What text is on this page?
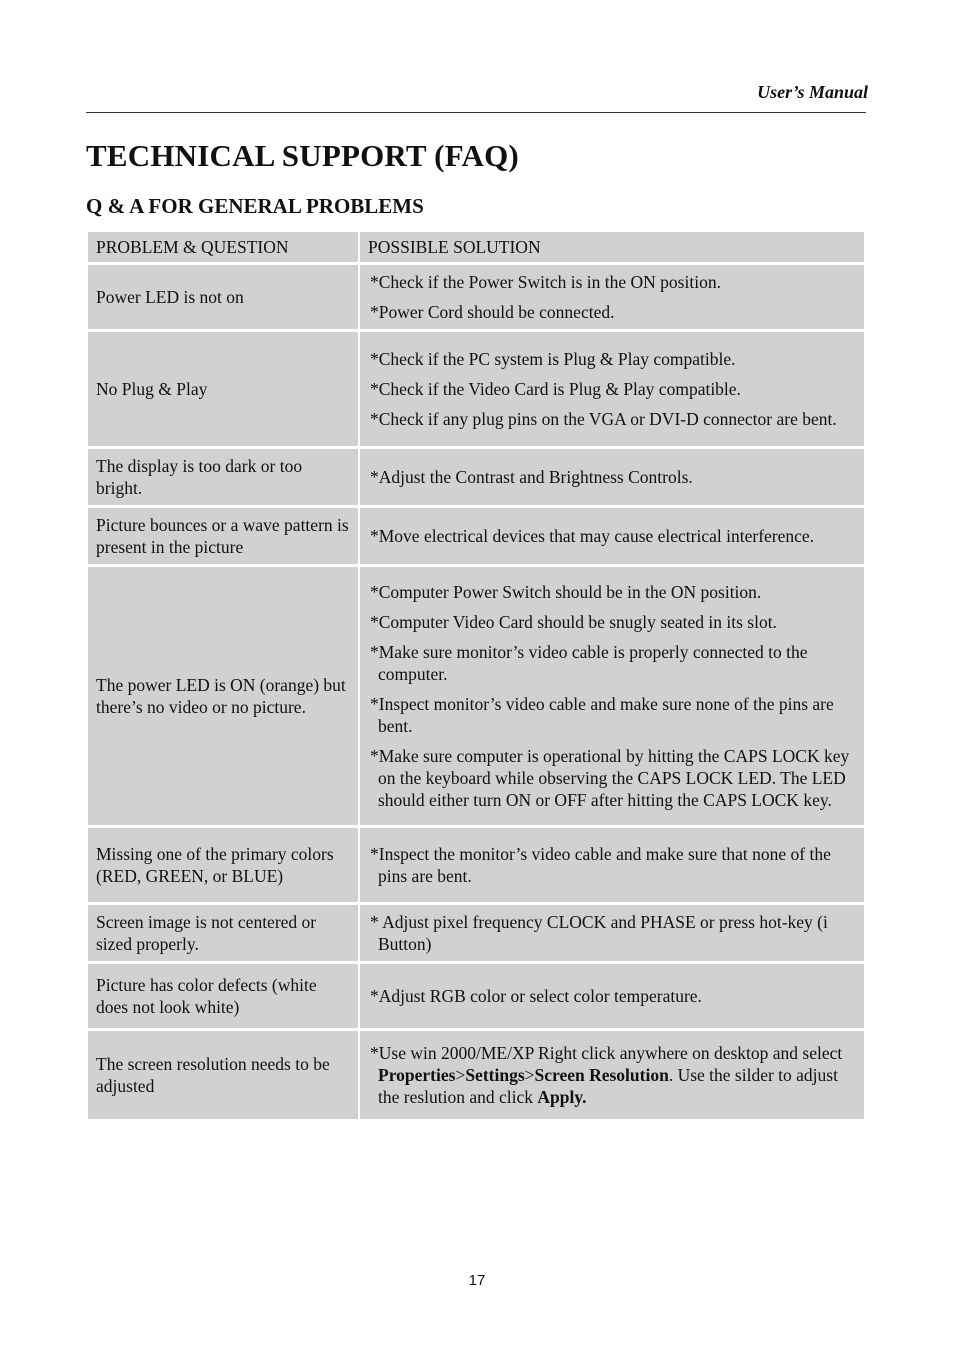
User’s Manual
TECHNICAL SUPPORT (FAQ)
Q & A FOR GENERAL PROBLEMS
PROBLEM & QUESTION	POSSIBLE SOLUTION
Power LED is not on	*Check if the Power Switch is in the ON position.
*Power Cord should be connected.

No Plug & Play	*Check if the PC system is Plug & Play compatible.
*Check if the Video Card is Plug & Play compatible.
*Check if any plug pins on the VGA or DVI-D connector are bent.

The display is too dark or too bright.	*Adjust the Contrast and Brightness Controls.

Picture bounces or a wave pattern is present in the picture	*Move electrical devices that may cause electrical interference.

The power LED is ON (orange) but there’s no video or no picture.	*Computer Power Switch should be in the ON position.
*Computer Video Card should be snugly seated in its slot.
*Make sure monitor’s video cable is properly connected to the computer.
*Inspect monitor’s video cable and make sure none of the pins are bent.
*Make sure computer is operational by hitting the CAPS LOCK key on the keyboard while observing the CAPS LOCK LED. The LED should either turn ON or OFF after hitting the CAPS LOCK key.

Missing one of the primary colors (RED, GREEN, or BLUE)	*Inspect the monitor’s video cable and make sure that none of the pins are bent.

Screen image is not centered or sized properly.	* Adjust pixel frequency CLOCK and PHASE or press hot-key (i Button)

Picture has color defects (white does not look white)	*Adjust RGB color or select color temperature.

The screen resolution needs to be adjusted	*Use win 2000/ME/XP Right click anywhere on desktop and select Properties>Settings>Screen Resolution. Use the silder to adjust the reslution and click Apply.
17
